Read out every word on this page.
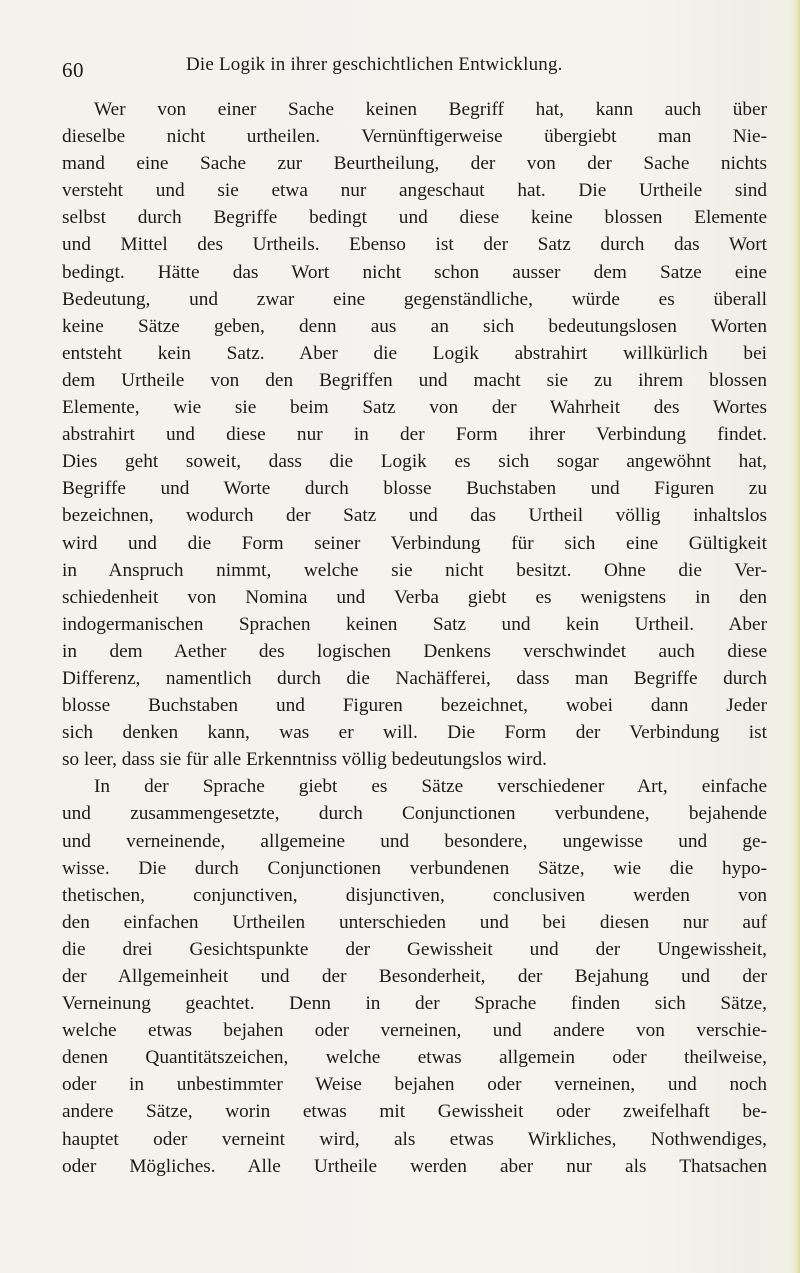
60	Die Logik in ihrer geschichtlichen Entwicklung.
Wer von einer Sache keinen Begriff hat, kann auch über
dieselbe nicht urtheilen. Vernünftigerweise übergiebt man Nie-
mand eine Sache zur Beurtheilung, der von der Sache nichts
versteht und sie etwa nur angeschaut hat. Die Urtheile sind
selbst durch Begriffe bedingt und diese keine blossen Elemente
und Mittel des Urtheils. Ebenso ist der Satz durch das Wort
bedingt. Hätte das Wort nicht schon ausser dem Satze eine
Bedeutung, und zwar eine gegenständliche, würde es überall
keine Sätze geben, denn aus an sich bedeutungslosen Worten
entsteht kein Satz. Aber die Logik abstrahirt willkürlich bei
dem Urtheile von den Begriffen und macht sie zu ihrem blossen
Elemente, wie sie beim Satz von der Wahrheit des Wortes
abstrahirt und diese nur in der Form ihrer Verbindung findet.
Dies geht soweit, dass die Logik es sich sogar angewöhnt hat,
Begriffe und Worte durch blosse Buchstaben und Figuren zu
bezeichnen, wodurch der Satz und das Urtheil völlig inhaltslos
wird und die Form seiner Verbindung für sich eine Gültigkeit
in Anspruch nimmt, welche sie nicht besitzt. Ohne die Ver-
schiedenheit von Nomina und Verba giebt es wenigstens in den
indogermanischen Sprachen keinen Satz und kein Urtheil. Aber
in dem Aether des logischen Denkens verschwindet auch diese
Differenz, namentlich durch die Nachäfferei, dass man Begriffe durch
blosse Buchstaben und Figuren bezeichnet, wobei dann Jeder
sich denken kann, was er will. Die Form der Verbindung ist
so leer, dass sie für alle Erkenntniss völlig bedeutungslos wird.
In der Sprache giebt es Sätze verschiedener Art, einfache
und zusammengesetzte, durch Conjunctionen verbundene, bejahende
und verneinende, allgemeine und besondere, ungewisse und ge-
wisse. Die durch Conjunctionen verbundenen Sätze, wie die hypo-
thetischen, conjunctiven, disjunctiven, conclusiven werden von
den einfachen Urtheilen unterschieden und bei diesen nur auf
die drei Gesichtspunkte der Gewissheit und der Ungewissheit,
der Allgemeinheit und der Besonderheit, der Bejahung und der
Verneinung geachtet. Denn in der Sprache finden sich Sätze,
welche etwas bejahen oder verneinen, und andere von verschie-
denen Quantitätszeichen, welche etwas allgemein oder theilweise,
oder in unbestimmter Weise bejahen oder verneinen, und noch
andere Sätze, worin etwas mit Gewissheit oder zweifelhaft be-
hauptet oder verneint wird, als etwas Wirkliches, Nothwendiges,
oder Mögliches. Alle Urtheile werden aber nur als Thatsachen
